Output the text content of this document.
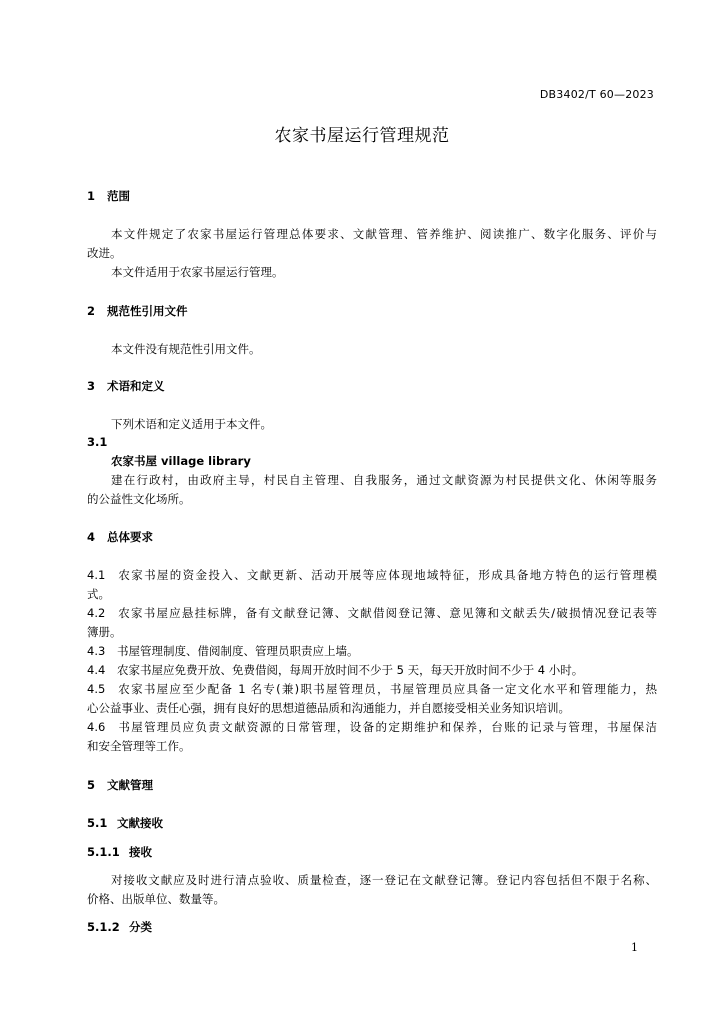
DB3402/T 60—2023
农家书屋运行管理规范
1 范围
本文件规定了农家书屋运行管理总体要求、文献管理、管养维护、阅读推广、数字化服务、评价与
改进。
本文件适用于农家书屋运行管理。
2 规范性引用文件
本文件没有规范性引用文件。
3 术语和定义
下列术语和定义适用于本文件。
3.1
农家书屋 village library
建在行政村，由政府主导，村民自主管理、自我服务，通过文献资源为村民提供文化、休闲等服务
的公益性文化场所。
4 总体要求
4.1 农家书屋的资金投入、文献更新、活动开展等应体现地域特征，形成具备地方特色的运行管理模
式。
4.2 农家书屋应悬挂标牌，备有文献登记簿、文献借阅登记簿、意见簿和文献丢失/破损情况登记表等
簿册。
4.3 书屋管理制度、借阅制度、管理员职责应上墙。
4.4 农家书屋应免费开放、免费借阅，每周开放时间不少于 5 天，每天开放时间不少于 4 小时。
4.5 农家书屋应至少配备 1 名专(兼)职书屋管理员，书屋管理员应具备一定文化水平和管理能力，热
心公益事业、责任心强，拥有良好的思想道德品质和沟通能力，并自愿接受相关业务知识培训。
4.6 书屋管理员应负责文献资源的日常管理，设备的定期维护和保养，台账的记录与管理，书屋保洁
和安全管理等工作。
5 文献管理
5.1 文献接收
5.1.1 接收
对接收文献应及时进行清点验收、质量检查，逐一登记在文献登记簿。登记内容包括但不限于名称、
价格、出版单位、数量等。
5.1.2 分类
1
